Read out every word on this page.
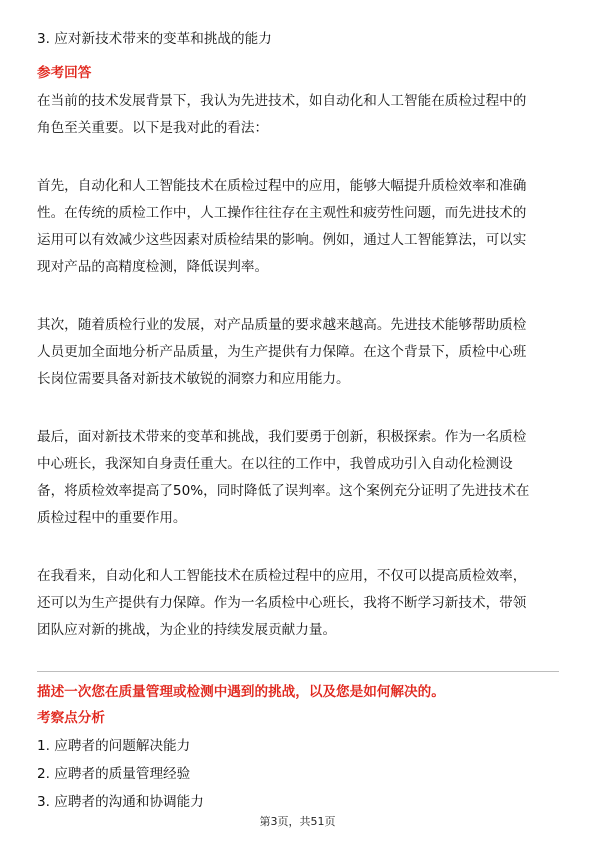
3. 应对新技术带来的变革和挑战的能力
参考回答
在当前的技术发展背景下，我认为先进技术，如自动化和人工智能在质检过程中的
角色至关重要。以下是我对此的看法：
首先，自动化和人工智能技术在质检过程中的应用，能够大幅提升质检效率和准确
性。在传统的质检工作中，人工操作往往存在主观性和疲劳性问题，而先进技术的
运用可以有效减少这些因素对质检结果的影响。例如，通过人工智能算法，可以实
现对产品的高精度检测，降低误判率。
其次，随着质检行业的发展，对产品质量的要求越来越高。先进技术能够帮助质检
人员更加全面地分析产品质量，为生产提供有力保障。在这个背景下，质检中心班
长岗位需要具备对新技术敏锐的洞察力和应用能力。
最后，面对新技术带来的变革和挑战，我们要勇于创新，积极探索。作为一名质检
中心班长，我深知自身责任重大。在以往的工作中，我曾成功引入自动化检测设
备，将质检效率提高了50%，同时降低了误判率。这个案例充分证明了先进技术在
质检过程中的重要作用。
在我看来，自动化和人工智能技术在质检过程中的应用，不仅可以提高质检效率，
还可以为生产提供有力保障。作为一名质检中心班长，我将不断学习新技术，带领
团队应对新的挑战，为企业的持续发展贡献力量。
描述一次您在质量管理或检测中遇到的挑战，以及您是如何解决的。
考察点分析
1. 应聘者的问题解决能力
2. 应聘者的质量管理经验
3. 应聘者的沟通和协调能力
第3页，共51页
